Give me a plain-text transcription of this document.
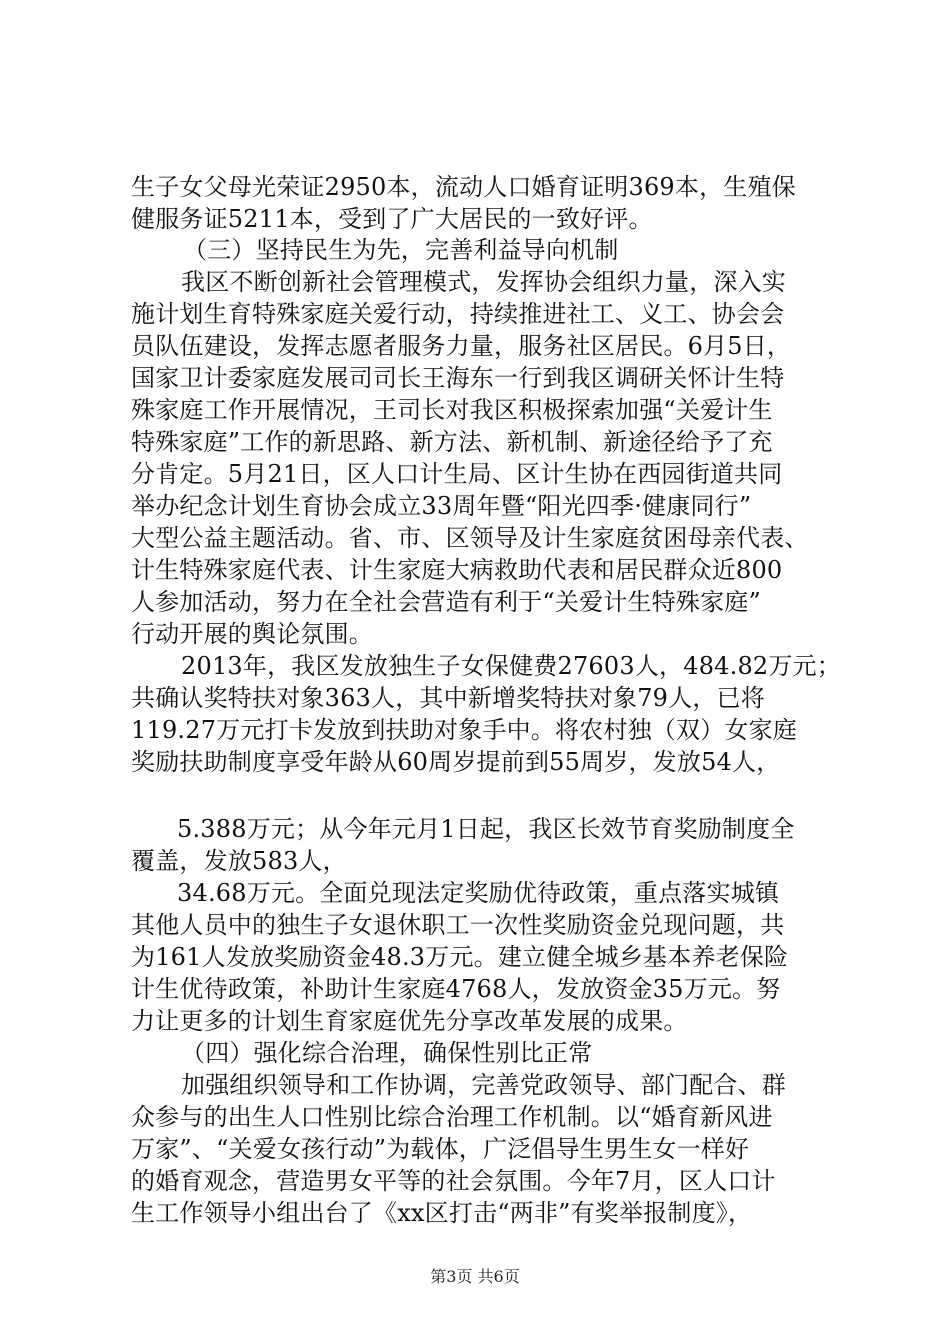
生子女父母光荣证2950本，流动人口婚育证明369本，生殖保
健服务证5211本，受到了广大居民的一致好评。
（三）坚持民生为先，完善利益导向机制
我区不断创新社会管理模式，发挥协会组织力量，深入实
施计划生育特殊家庭关爱行动，持续推进社工、义工、协会会
员队伍建设，发挥志愿者服务力量，服务社区居民。6月5日，
国家卫计委家庭发展司司长王海东一行到我区调研关怀计生特
殊家庭工作开展情况，王司长对我区积极探索加强“关爱计生
特殊家庭”工作的新思路、新方法、新机制、新途径给予了充
分肯定。5月21日，区人口计生局、区计生协在西园街道共同
举办纪念计划生育协会成立33周年暨“阳光四季·健康同行”
大型公益主题活动。省、市、区领导及计生家庭贫困母亲代表、
计生特殊家庭代表、计生家庭大病救助代表和居民群众近800
人参加活动，努力在全社会营造有利于“关爱计生特殊家庭”
行动开展的舆论氛围。
2013年，我区发放独生子女保健费27603人，484.82万元；
共确认奖特扶对象363人，其中新增奖特扶对象79人，已将
119.27万元打卡发放到扶助对象手中。将农村独（双）女家庭
奖励扶助制度享受年龄从60周岁提前到55周岁，发放54人，
5.388万元；从今年元月1日起，我区长效节育奖励制度全
覆盖，发放583人，
34.68万元。全面兑现法定奖励优待政策，重点落实城镇
其他人员中的独生子女退休职工一次性奖励资金兑现问题，共
为161人发放奖励资金48.3万元。建立健全城乡基本养老保险
计生优待政策，补助计生家庭4768人，发放资金35万元。努
力让更多的计划生育家庭优先分享改革发展的成果。
（四）强化综合治理，确保性别比正常
加强组织领导和工作协调，完善党政领导、部门配合、群
众参与的出生人口性别比综合治理工作机制。以“婚育新风进
万家”、“关爱女孩行动”为载体，广泛倡导生男生女一样好
的婚育观念，营造男女平等的社会氛围。今年7月，区人口计
生工作领导小组出台了《xx区打击“两非”有奖举报制度》，
第3页 共6页
